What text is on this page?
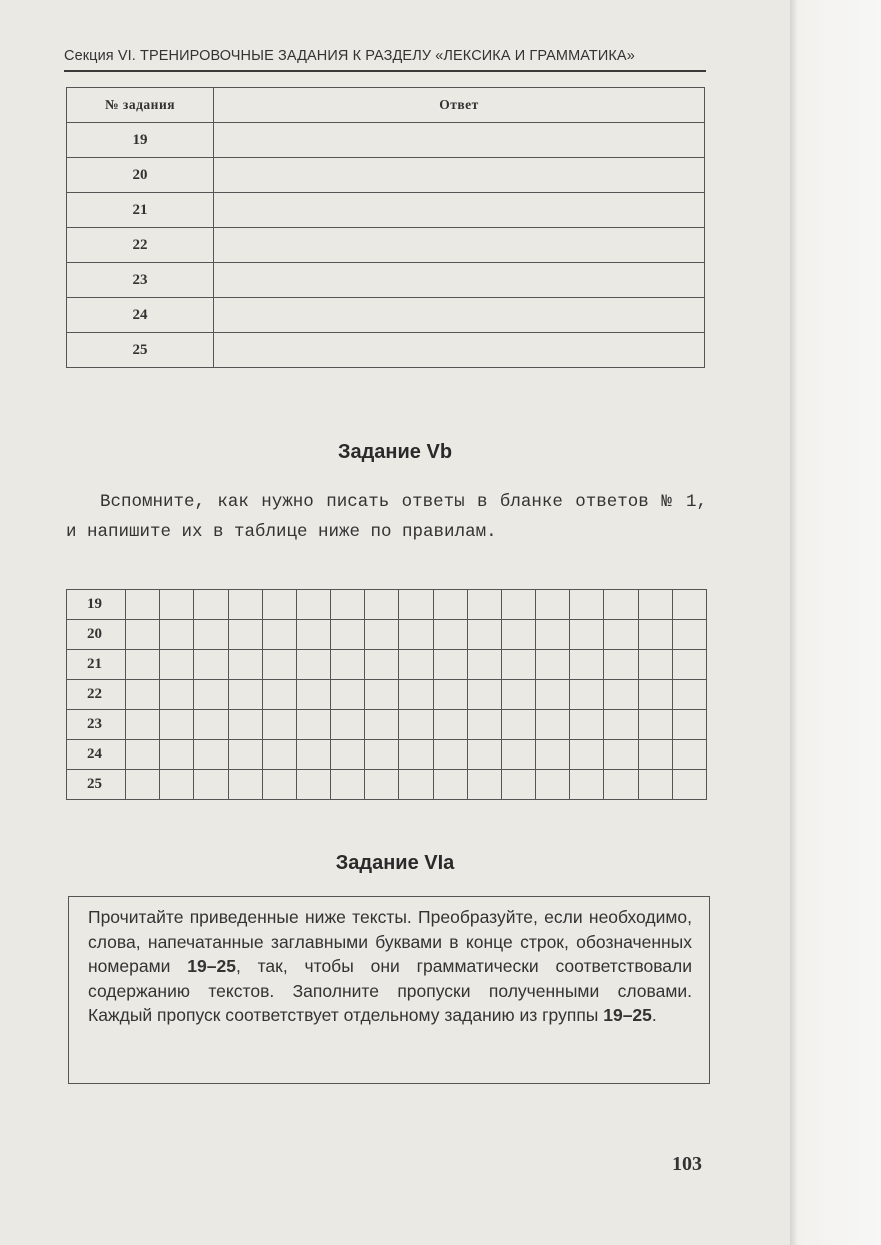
Секция VI. ТРЕНИРОВОЧНЫЕ ЗАДАНИЯ К РАЗДЕЛУ «ЛЕКСИКА И ГРАММАТИКА»
№ задания	Ответ
19	
20	
21	
22	
23	
24	
25	
Задание Vb
Вспомните, как нужно писать ответы в бланке ответов № 1, и напишите их в таблице ниже по правилам.
19																	
20																	
21																	
22																	
23																	
24																	
25																	
Задание VIa
Прочитайте приведенные ниже тексты. Преобразуйте, если необходимо, слова, напечатанные заглавными буквами в конце строк, обозначенных номерами 19–25, так, чтобы они грамматически соответствовали содержанию текстов. Заполните пропуски полученными словами. Каждый пропуск соответствует отдельному заданию из группы 19–25.
103
